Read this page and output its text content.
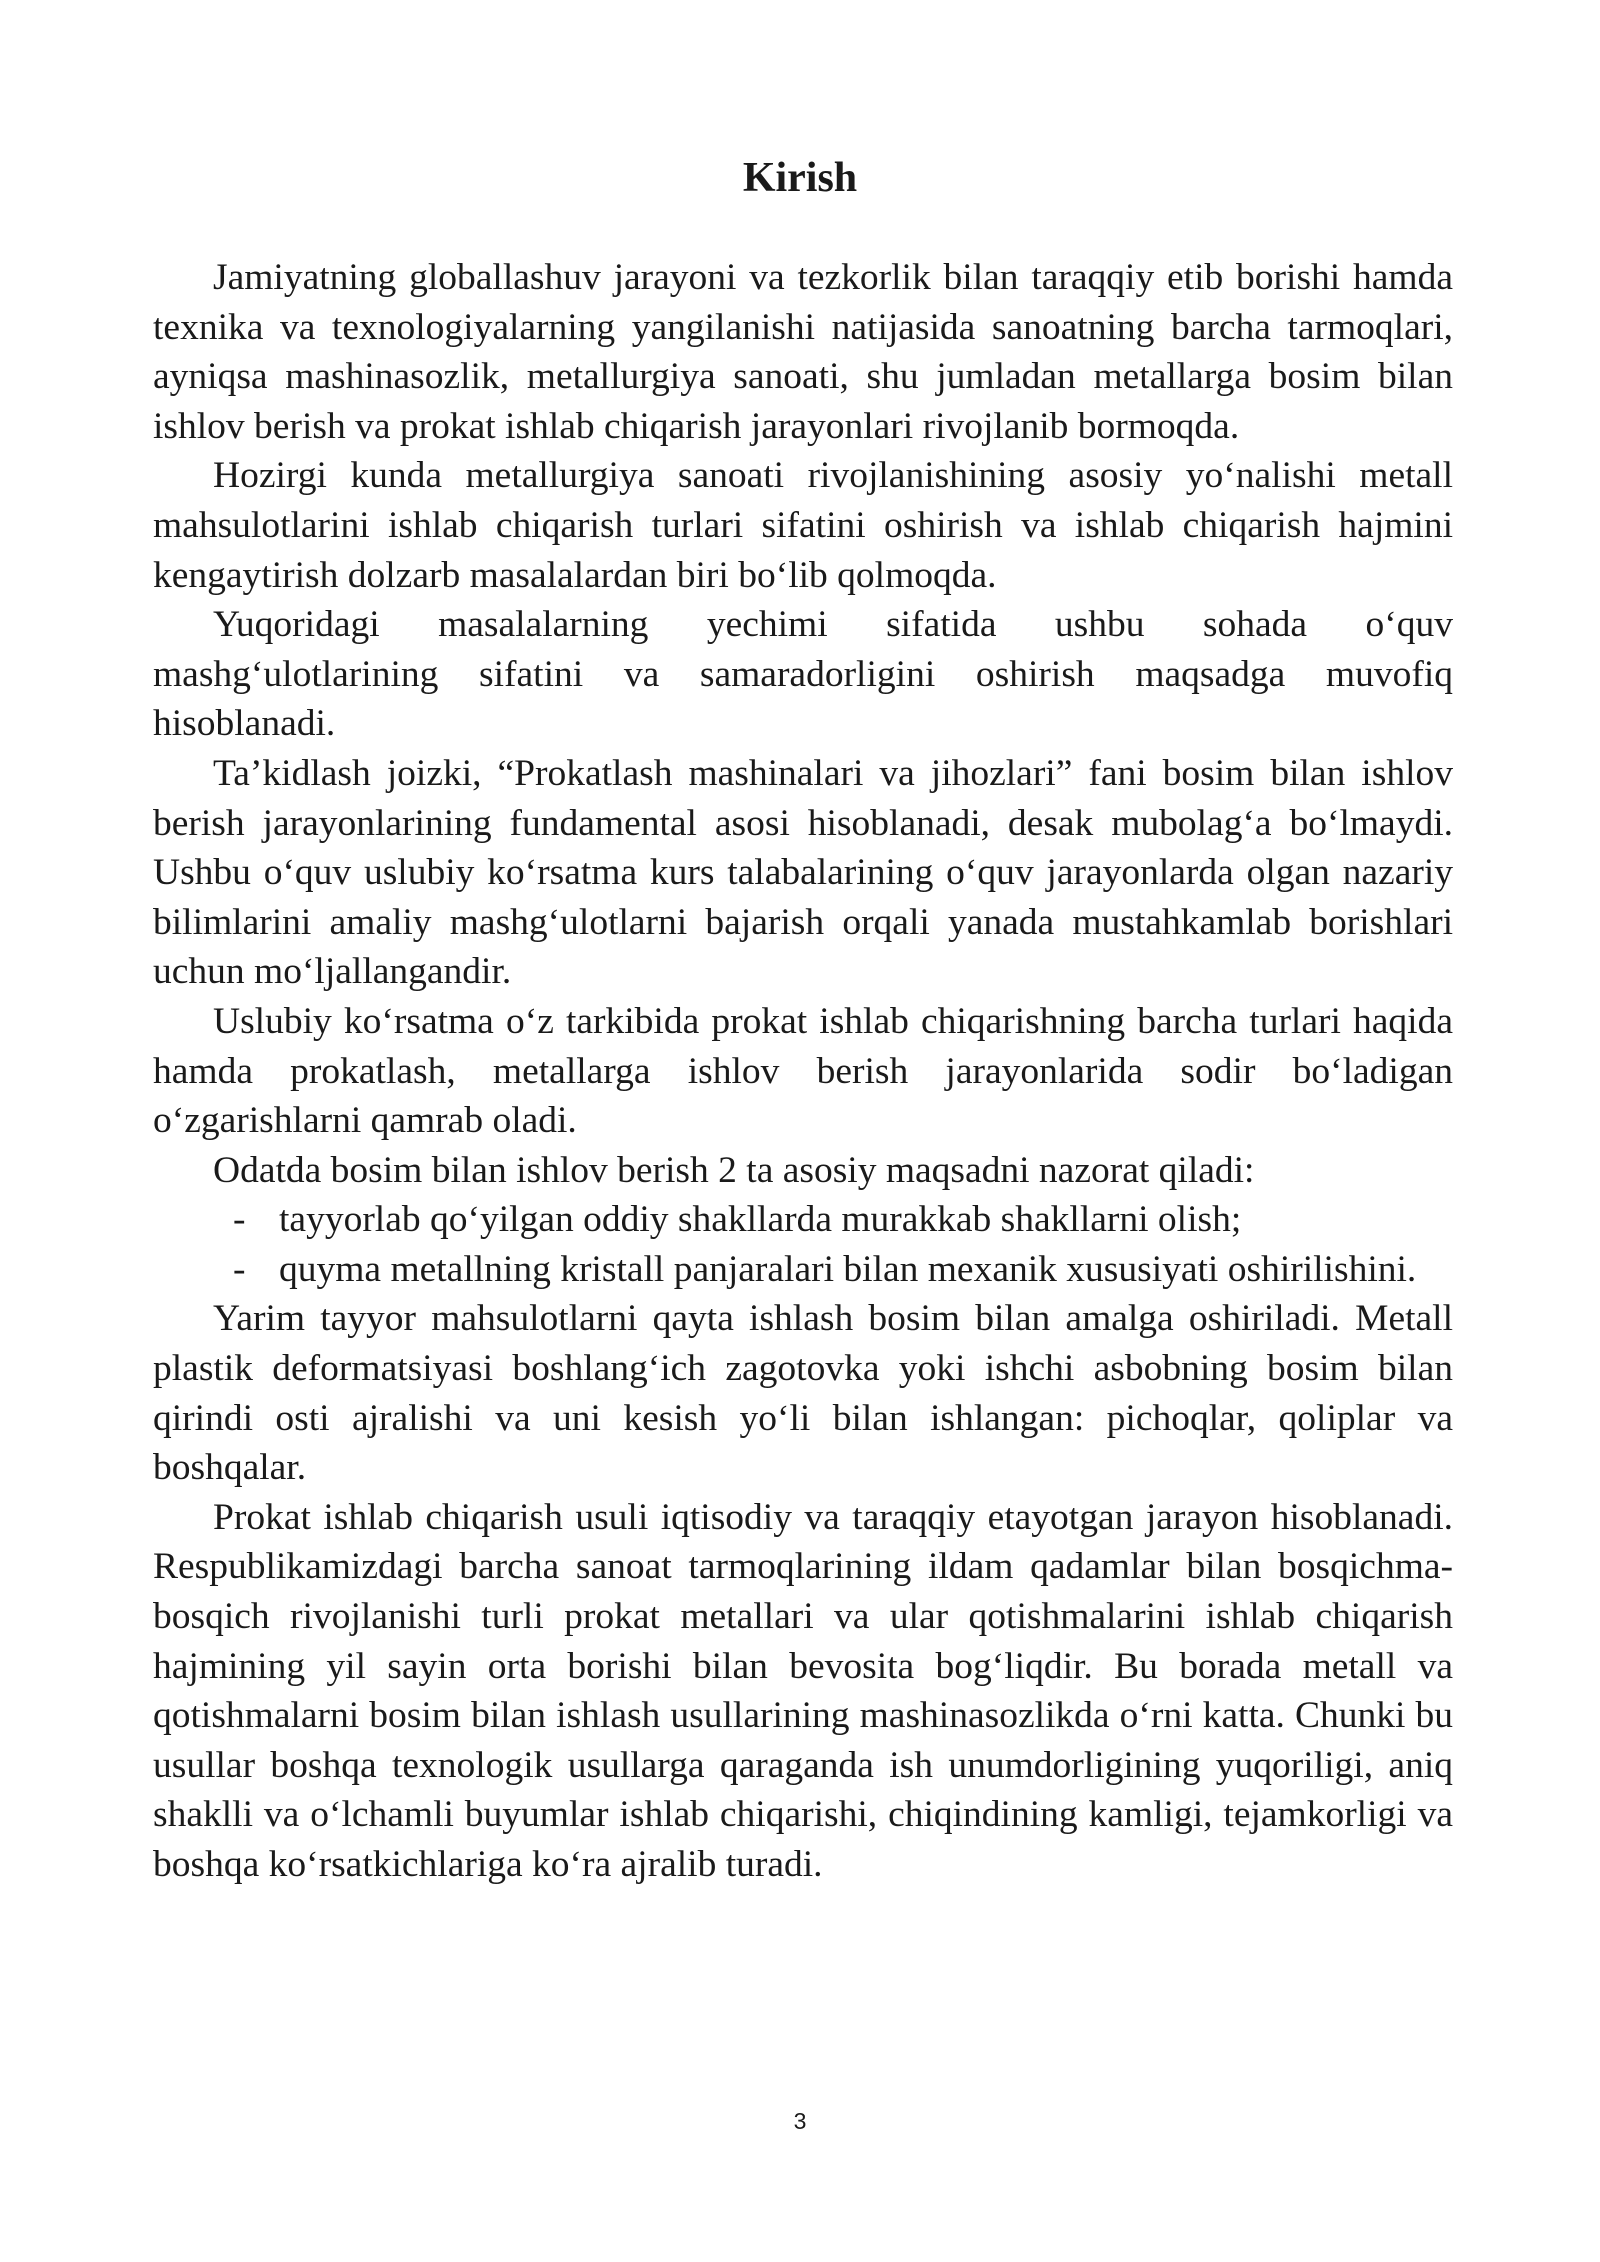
Kirish

Jamiyatning globallashuv jarayoni va tezkorlik bilan taraqqiy etib borishi hamda texnika va texnologiyalarning yangilanishi natijasida sanoatning barcha tarmoqlari, ayniqsa mashinasozlik, metallurgiya sanoati, shu jumladan metallarga bosim bilan ishlov berish va prokat ishlab chiqarish jarayonlari rivojlanib bormoqda.

Hozirgi kunda metallurgiya sanoati rivojlanishining asosiy yo‘nalishi metall mahsulotlarini ishlab chiqarish turlari sifatini oshirish va ishlab chiqarish hajmini kengaytirish dolzarb masalalardan biri bo‘lib qolmoqda.

Yuqoridagi masalalarning yechimi sifatida ushbu sohada o‘quv mashg‘ulotlarining sifatini va samaradorligini oshirish maqsadga muvofiq hisoblanadi.

Ta’kidlash joizki, “Prokatlash mashinalari va jihozlari” fani bosim bilan ishlov berish jarayonlarining fundamental asosi hisoblanadi, desak mubolag‘a bo‘lmaydi. Ushbu o‘quv uslubiy ko‘rsatma kurs talabalarining o‘quv jarayonlarda olgan nazariy bilimlarini amaliy mashg‘ulotlarni bajarish orqali yanada mustahkamlab borishlari uchun mo‘ljallangandir.

Uslubiy ko‘rsatma o‘z tarkibida prokat ishlab chiqarishning barcha turlari haqida hamda prokatlash, metallarga ishlov berish jarayonlarida sodir bo‘ladigan o‘zgarishlarni qamrab oladi.

Odatda bosim bilan ishlov berish 2 ta asosiy maqsadni nazorat qiladi:

- tayyorlab qo‘yilgan oddiy shakllarda murakkab shakllarni olish;
- quyma metallning kristall panjaralari bilan mexanik xususiyati oshirilishini.

Yarim tayyor mahsulotlarni qayta ishlash bosim bilan amalga oshiriladi. Metall plastik deformatsiyasi boshlang‘ich zagotovka yoki ishchi asbobning bosim bilan qirindi osti ajralishi va uni kesish yo‘li bilan ishlangan: pichoqlar, qoliplar va boshqalar.

Prokat ishlab chiqarish usuli iqtisodiy va taraqqiy etayotgan jarayon hisoblanadi. Respublikamizdagi barcha sanoat tarmoqlarining ildam qadamlar bilan bosqichma-bosqich rivojlanishi turli prokat metallari va ular qotishmalarini ishlab chiqarish hajmining yil sayin orta borishi bilan bevosita bog‘liqdir. Bu borada metall va qotishmalarni bosim bilan ishlash usullarining mashinasozlikda o‘rni katta. Chunki bu usullar boshqa texnologik usullarga qaraganda ish unumdorligining yuqoriligi, aniq shaklli va o‘lchamli buyumlar ishlab chiqarishi, chiqindining kamligi, tejamkorligi va boshqa ko‘rsatkichlariga ko‘ra ajralib turadi.

3
